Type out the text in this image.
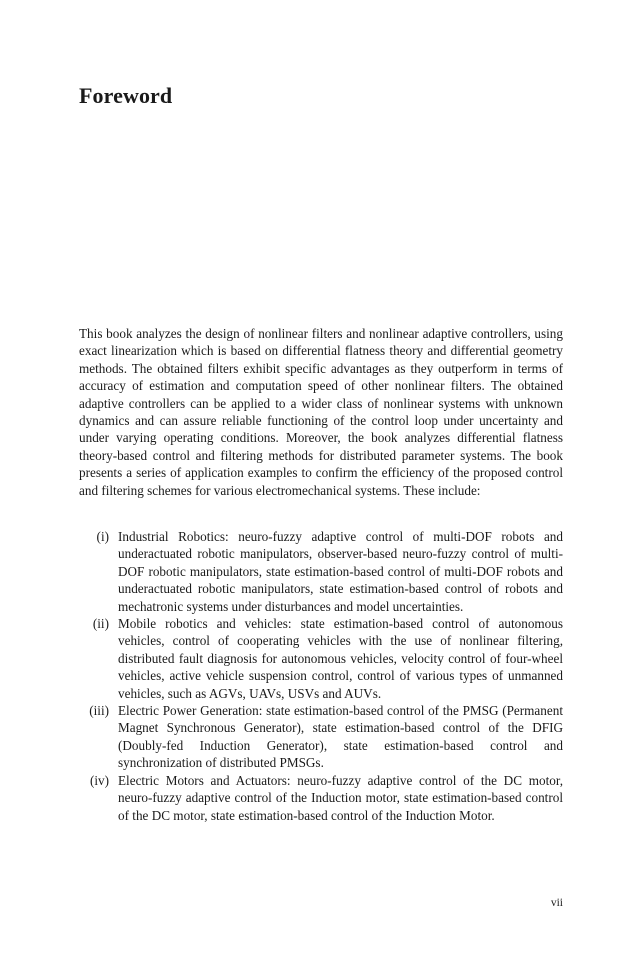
Foreword

This book analyzes the design of nonlinear filters and nonlinear adaptive controllers, using exact linearization which is based on differential flatness theory and differential geometry methods. The obtained filters exhibit specific advantages as they outperform in terms of accuracy of estimation and computation speed of other nonlinear filters. The obtained adaptive controllers can be applied to a wider class of nonlinear systems with unknown dynamics and can assure reliable functioning of the control loop under uncertainty and under varying operating conditions. Moreover, the book analyzes differential flatness theory-based control and filtering methods for distributed parameter systems. The book presents a series of application examples to confirm the efficiency of the proposed control and filtering schemes for various electromechanical systems. These include:

(i) Industrial Robotics: neuro-fuzzy adaptive control of multi-DOF robots and underactuated robotic manipulators, observer-based neuro-fuzzy control of multi-DOF robotic manipulators, state estimation-based control of multi-DOF robots and underactuated robotic manipulators, state estimation-based control of robots and mechatronic systems under disturbances and model uncertainties.
(ii) Mobile robotics and vehicles: state estimation-based control of autonomous vehicles, control of cooperating vehicles with the use of nonlinear filtering, distributed fault diagnosis for autonomous vehicles, velocity control of four-wheel vehicles, active vehicle suspension control, control of various types of unmanned vehicles, such as AGVs, UAVs, USVs and AUVs.
(iii) Electric Power Generation: state estimation-based control of the PMSG (Permanent Magnet Synchronous Generator), state estimation-based control of the DFIG (Doubly-fed Induction Generator), state estimation-based control and synchronization of distributed PMSGs.
(iv) Electric Motors and Actuators: neuro-fuzzy adaptive control of the DC motor, neuro-fuzzy adaptive control of the Induction motor, state estimation-based control of the DC motor, state estimation-based control of the Induction Motor.
vii
